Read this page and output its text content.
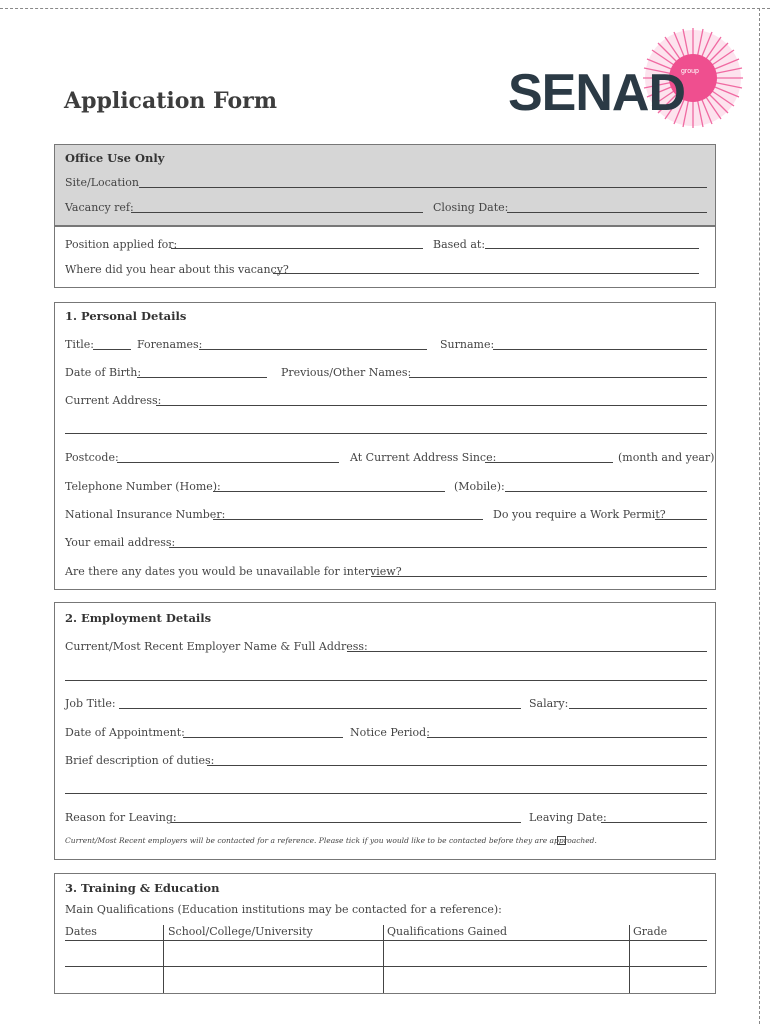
Application Form	SENAD
group
Office Use Only
Site/Location
Vacancy ref:	Closing Date:
Position applied for:	Based at:
Where did you hear about this vacancy?
1. Personal Details
Title:	Forenames:	Surname:
Date of Birth:	Previous/Other Names:
Current Address:
Postcode:	At Current Address Since:	(month and year)
Telephone Number (Home):	(Mobile):
National Insurance Number:	Do you require a Work Permit?
Your email address:
Are there any dates you would be unavailable for interview?
2. Employment Details
Current/Most Recent Employer Name & Full Address:
Job Title:	Salary:
Date of Appointment:	Notice Period:
Brief description of duties:
Reason for Leaving:	Leaving Date:
Current/Most Recent employers will be contacted for a reference. Please tick if you would like to be contacted before they are approached.
3. Training & Education
Main Qualifications (Education institutions may be contacted for a reference):
Dates	School/College/University	Qualifications Gained	Grade
